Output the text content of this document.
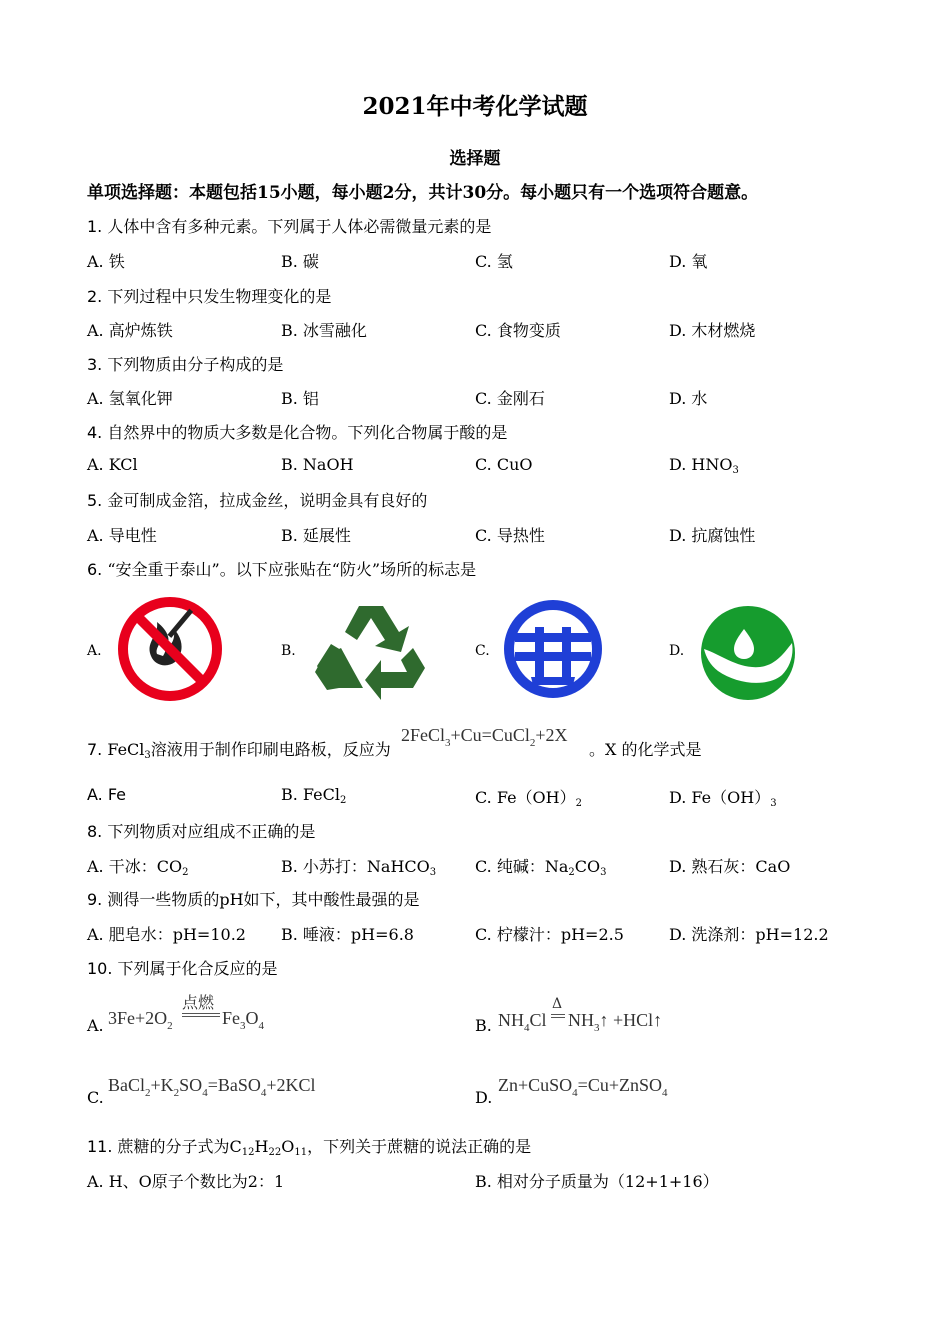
2021年中考化学试题
选择题
单项选择题：本题包括15小题，每小题2分，共计30分。每小题只有一个选项符合题意。
1. 人体中含有多种元素。下列属于人体必需微量元素的是
A. 铁	B. 碳	C. 氢	D. 氧
2. 下列过程中只发生物理变化的是
A. 高炉炼铁	B. 冰雪融化	C. 食物变质	D. 木材燃烧
3. 下列物质由分子构成的是
A. 氢氧化钾	B. 铝	C. 金刚石	D. 水
4. 自然界中的物质大多数是化合物。下列化合物属于酸的是
A. KCl	B. NaOH	C. CuO	D. $HNO_3$
5. 金可制成金箔，拉成金丝，说明金具有良好的
A. 导电性	B. 延展性	C. 导热性	D. 抗腐蚀性
6. “安全重于泰山”。以下应张贴在“防火”场所的标志是
A.	B.	C.	D.
7. FeCl$_3$溶液用于制作印刷电路板，反应为
2FeCl$_3$+Cu=CuCl$_2$+2X
。X 的化学式是
A. Fe	B. FeCl$_2$	C. $Fe(OH)_2$	D. $Fe(OH)_3$
8. 下列物质对应组成不正确的是
A. 干冰：$CO_2$	B. 小苏打：NaHCO$_3$ C. 纯碱：$Na_2CO_3$	D. 熟石灰：CaO
9. 测得一些物质的pH如下，其中酸性最强的是
A. 肥皂水：pH=10.2 B. 唾液：pH=6.8	C. 柠檬汁：pH=2.5	D. 洗涤剂：pH=12.2
10. 下列属于化合反应的是
A. $3Fe+2O_2$
点燃
$Fe_3O_4$	B. $NH_4Cl$
Δ
$NH_3↑$ +HCl↑
C.
$BaCl_2+K_2SO_4=BaSO_4+2KCl$
D.
Zn+CuSO$_4$=Cu+ZnSO$_4$
11. 蔗糖的分子式为$C_{12}H_{22}O_{11}$，下列关于蔗糖的说法正确的是
A. H、O原子个数比为2：1	B. 相对分子质量为（12+1+16）
